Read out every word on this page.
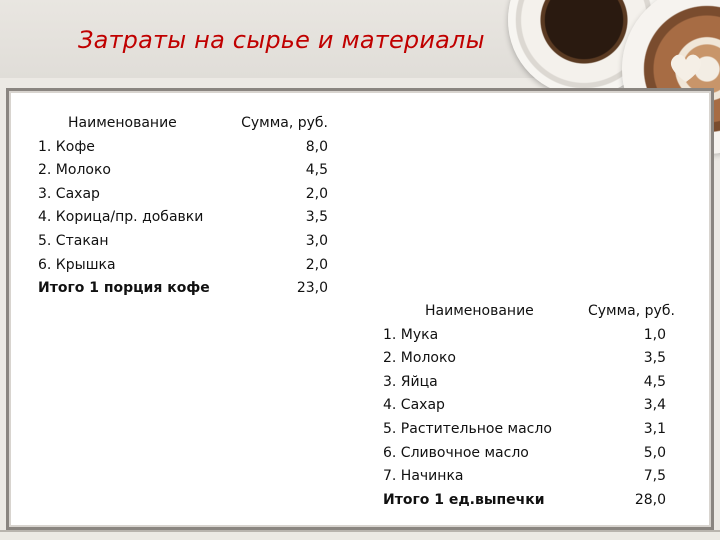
Затраты на сырье и материалы
Наименование	Сумма, руб.
1. Кофе	8,0
2. Молоко	4,5
3. Сахар	2,0
4. Корица/пр. добавки	3,5
5. Стакан	3,0
6. Крышка	2,0
Итого 1 порция кофе	23,0
Наименование	Сумма, руб.
1. Мука	1,0
2. Молоко	3,5
3. Яйца	4,5
4. Сахар	3,4
5. Растительное масло	3,1
6. Сливочное масло	5,0
7. Начинка	7,5
Итого 1 ед.выпечки	28,0
